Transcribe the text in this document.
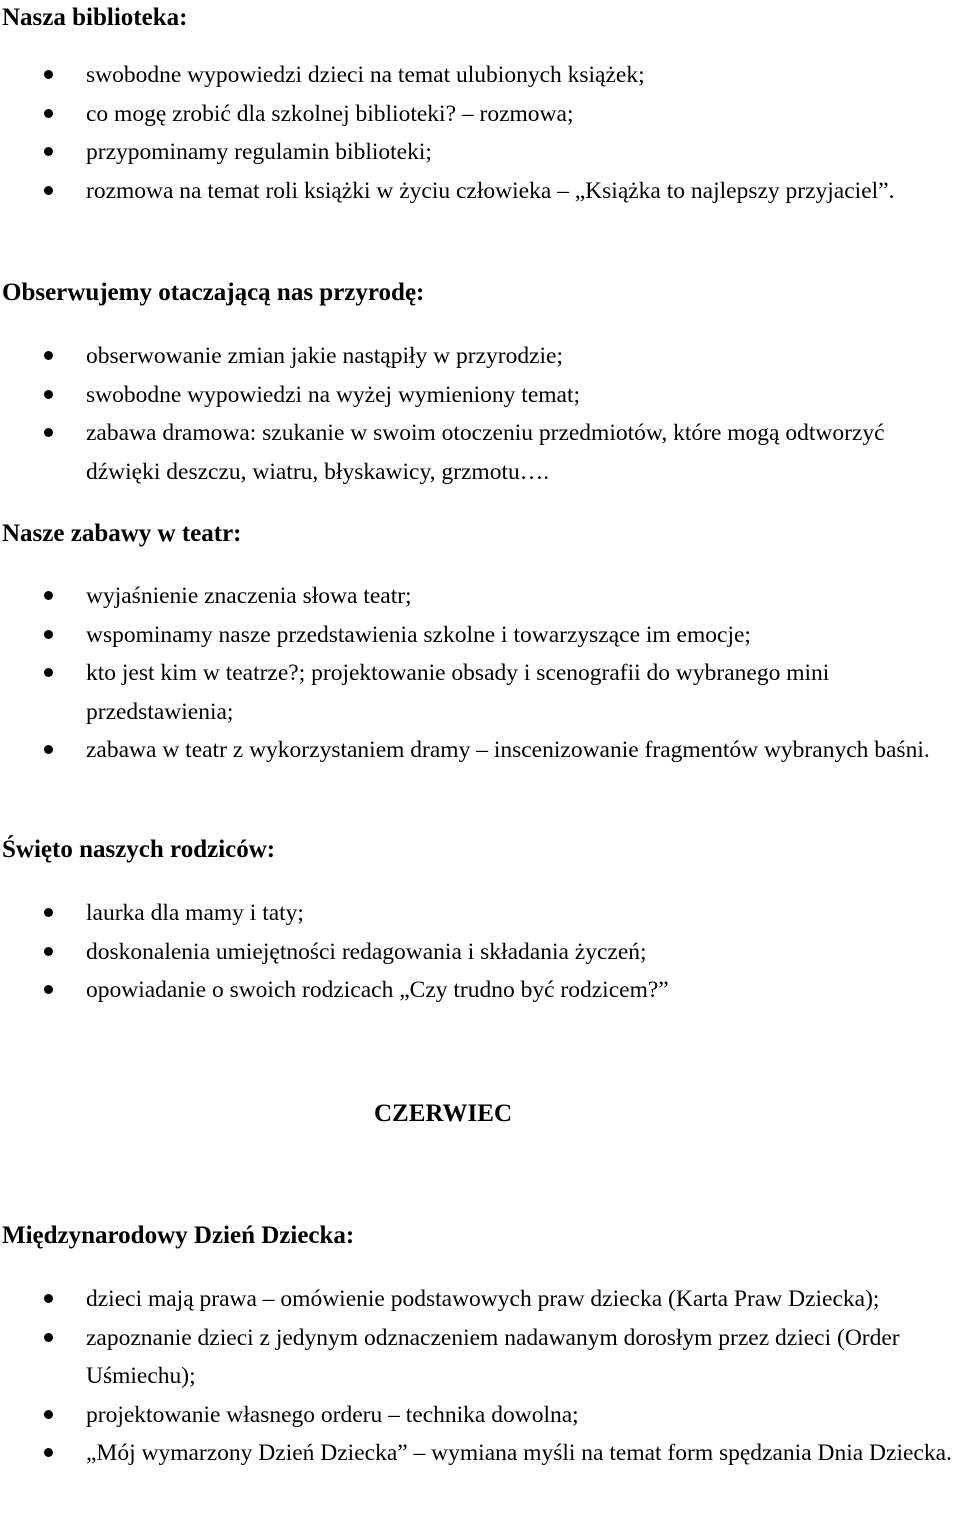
Nasza biblioteka:
swobodne wypowiedzi dzieci na temat ulubionych książek;
co mogę zrobić dla szkolnej biblioteki? – rozmowa;
przypominamy regulamin biblioteki;
rozmowa na temat roli książki w życiu człowieka – „Książka to najlepszy przyjaciel”.
Obserwujemy otaczającą nas przyrodę:
obserwowanie zmian jakie nastąpiły w przyrodzie;
swobodne wypowiedzi na wyżej wymieniony temat;
zabawa dramowa: szukanie w swoim otoczeniu przedmiotów, które mogą odtworzyć dźwięki deszczu, wiatru, błyskawicy, grzmotu….
Nasze zabawy w teatr:
wyjaśnienie znaczenia słowa teatr;
wspominamy nasze przedstawienia szkolne i towarzyszące im emocje;
kto jest kim w teatrze?; projektowanie obsady i scenografii do wybranego mini przedstawienia;
zabawa w teatr z wykorzystaniem dramy – inscenizowanie fragmentów wybranych baśni.
Święto naszych rodziców:
laurka dla mamy i taty;
doskonalenia umiejętności redagowania i składania życzeń;
opowiadanie o swoich rodzicach „Czy trudno być rodzicem?”
CZERWIEC
Międzynarodowy Dzień Dziecka:
dzieci mają prawa – omówienie podstawowych praw dziecka (Karta Praw Dziecka);
zapoznanie dzieci z jedynym odznaczeniem nadawanym dorosłym przez dzieci (Order Uśmiechu);
projektowanie własnego orderu – technika dowolna;
„Mój wymarzony Dzień Dziecka” – wymiana myśli na temat form spędzania Dnia Dziecka.
